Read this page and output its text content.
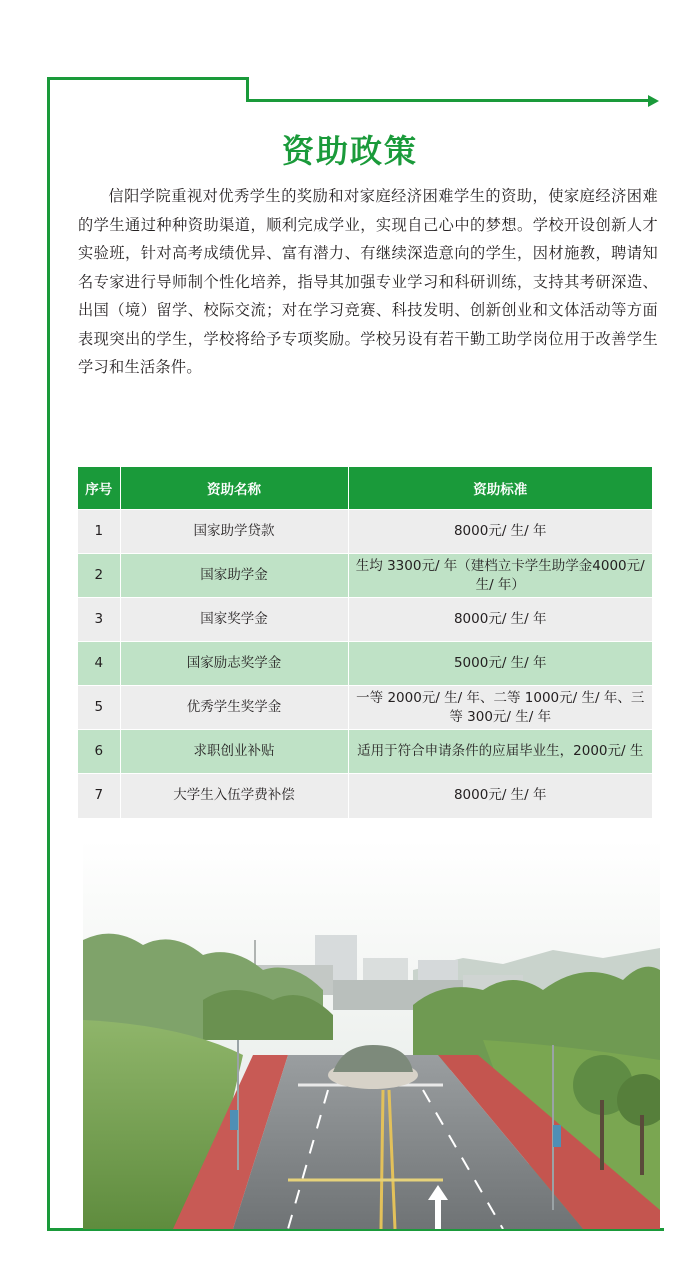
资助政策

信阳学院重视对优秀学生的奖励和对家庭经济困难学生的资助，使家庭经济困难的学生通过种种资助渠道，顺利完成学业，实现自己心中的梦想。学校开设创新人才实验班，针对高考成绩优异、富有潜力、有继续深造意向的学生，因材施教，聘请知名专家进行导师制个性化培养，指导其加强专业学习和科研训练，支持其考研深造、出国（境）留学、校际交流；对在学习竞赛、科技发明、创新创业和文体活动等方面表现突出的学生，学校将给予专项奖励。学校另设有若干勤工助学岗位用于改善学生学习和生活条件。

序号	资助名称	资助标准
1	国家助学贷款	8000元/ 生/ 年
2	国家助学金	生均 3300元/ 年（建档立卡学生助学金4000元/ 生/ 年）
3	国家奖学金	8000元/ 生/ 年
4	国家励志奖学金	5000元/ 生/ 年
5	优秀学生奖学金	一等 2000元/ 生/ 年、二等 1000元/ 生/ 年、三等 300元/ 生/ 年
6	求职创业补贴	适用于符合申请条件的应届毕业生，2000元/ 生
7	大学生入伍学费补偿	8000元/ 生/ 年
